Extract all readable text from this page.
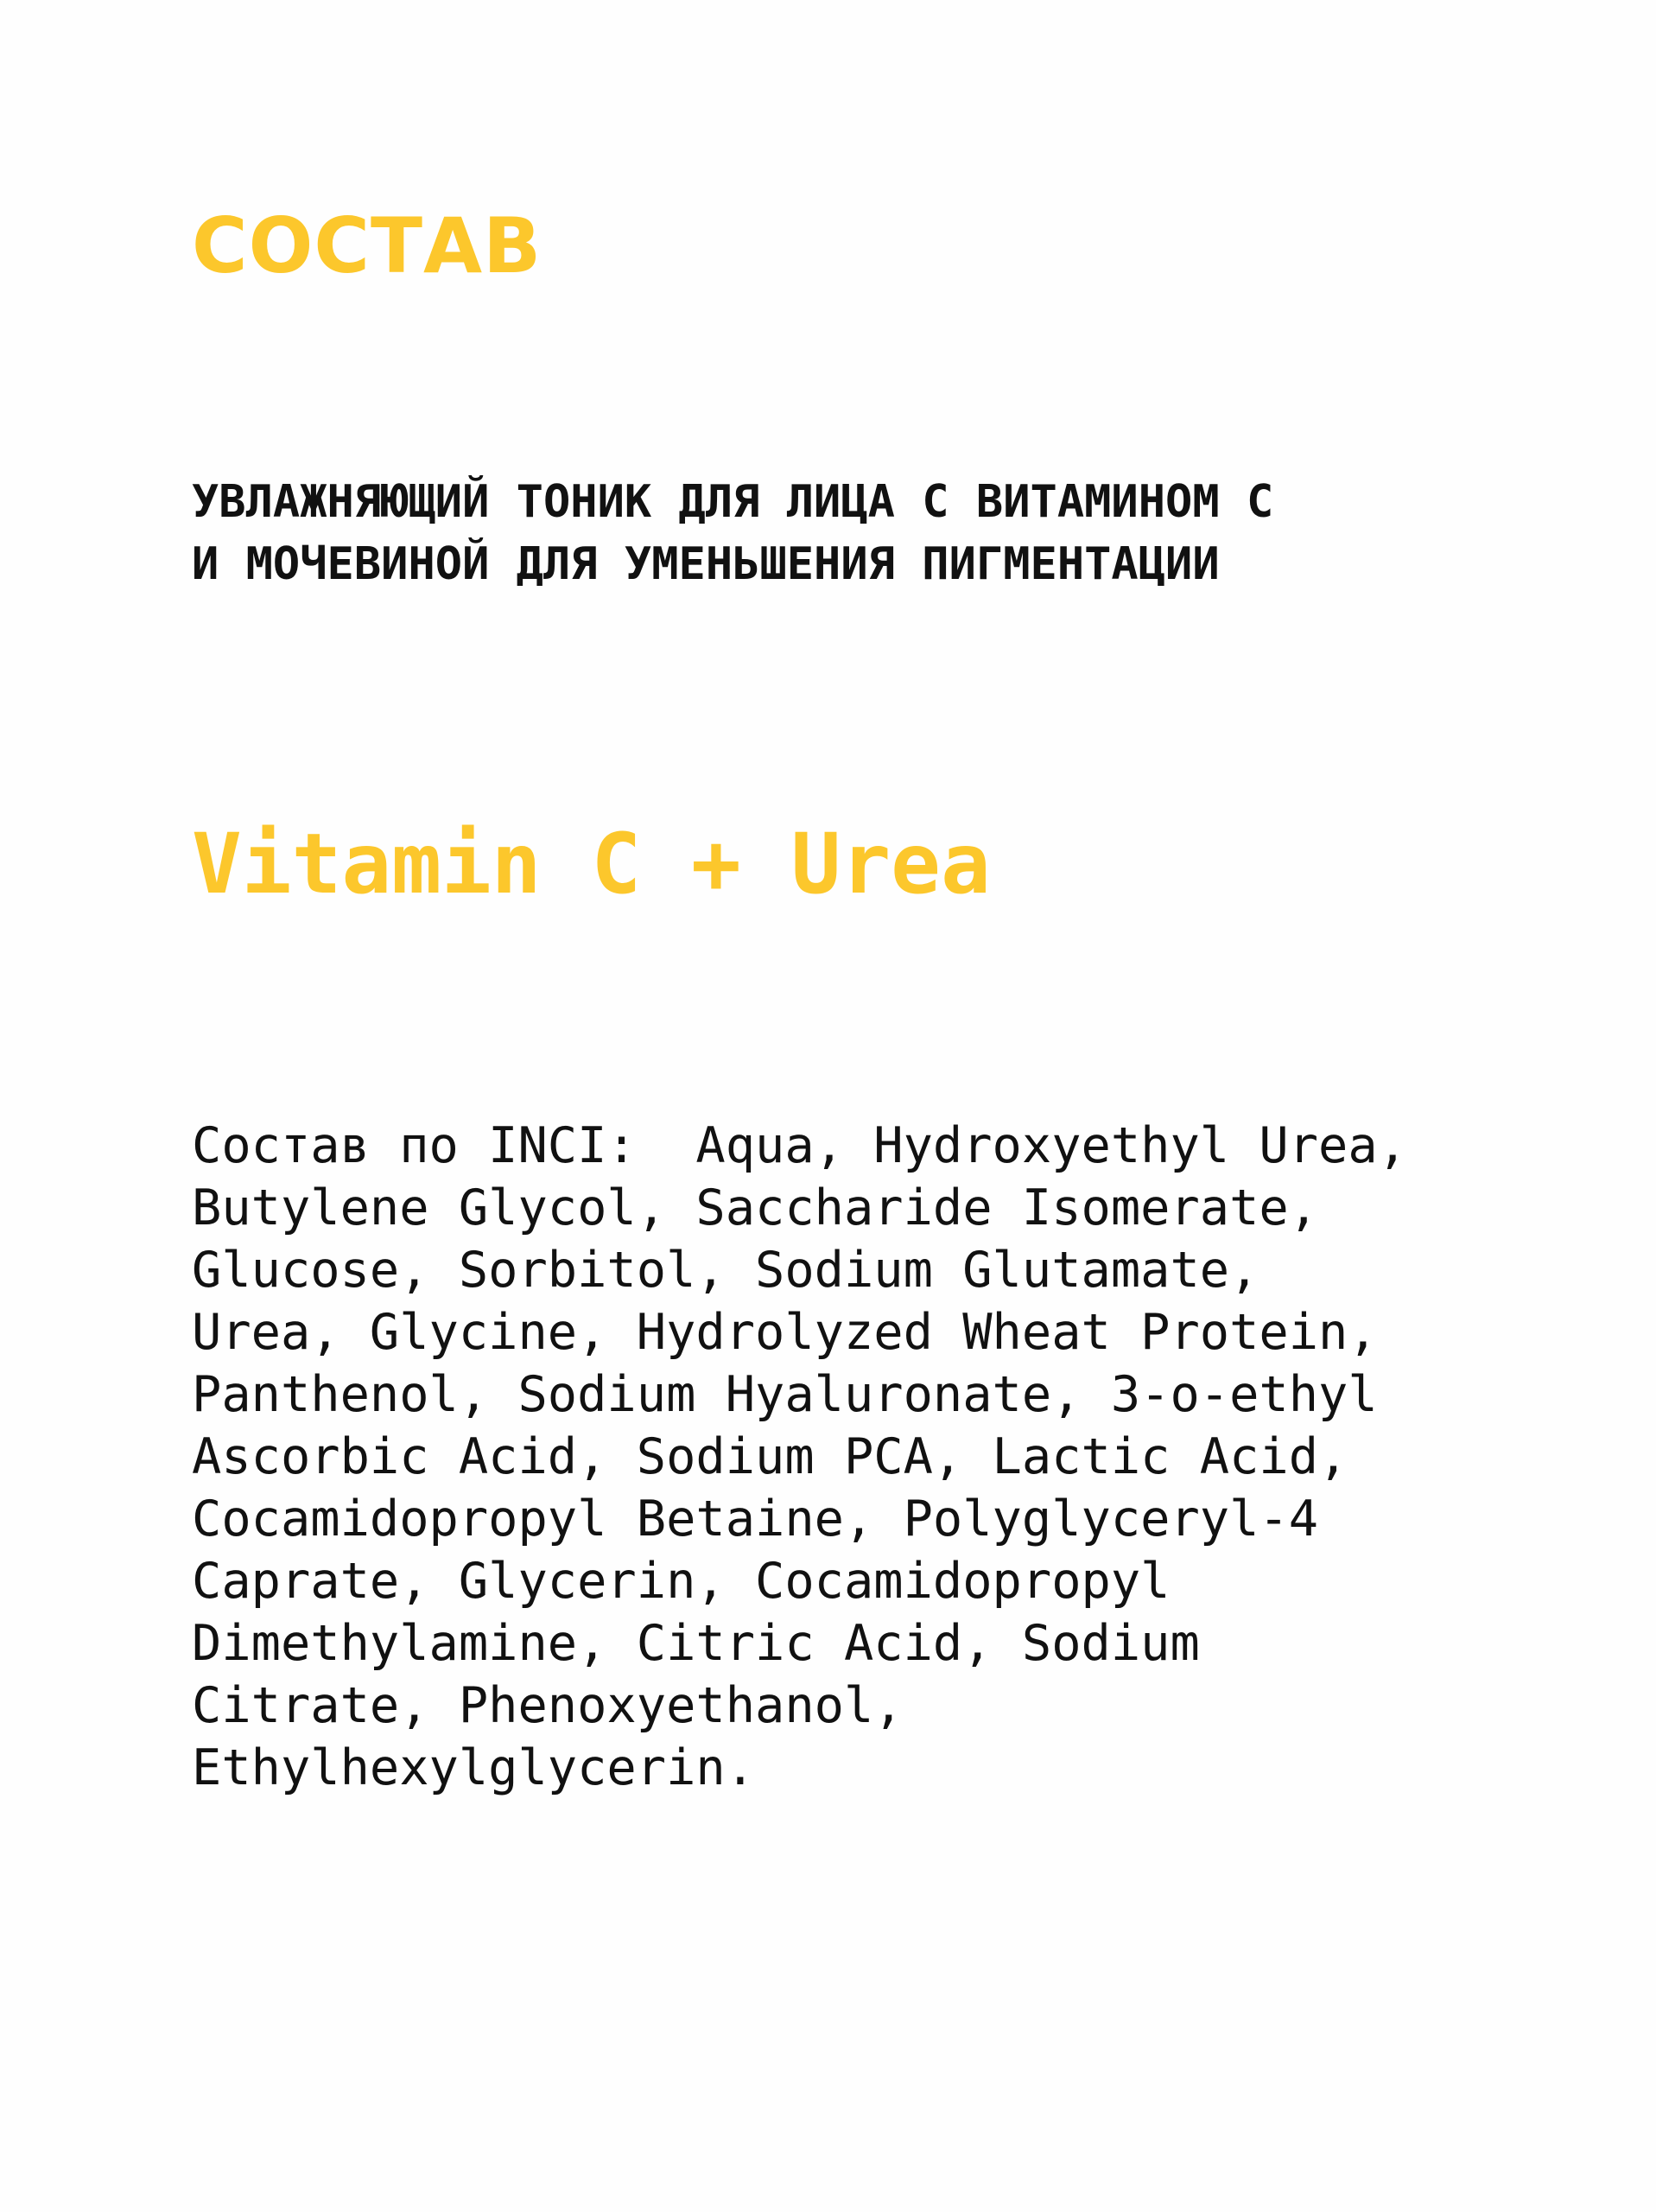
СОСТАВ
УВЛАЖНЯЮЩИЙ ТОНИК ДЛЯ ЛИЦА С ВИТАМИНОМ С
И МОЧЕВИНОЙ ДЛЯ УМЕНЬШЕНИЯ ПИГМЕНТАЦИИ
Vitamin C + Urea
Состав по INCI:  Aqua, Hydroxyethyl Urea,
Butylene Glycol, Saccharide Isomerate,
Glucose, Sorbitol, Sodium Glutamate,
Urea, Glycine, Hydrolyzed Wheat Protein,
Panthenol, Sodium Hyaluronate, 3-o-ethyl
Ascorbic Acid, Sodium PCA, Lactic Acid,
Cocamidopropyl Betaine, Polyglyceryl-4
Caprate, Glycerin, Cocamidopropyl
Dimethylamine, Citric Acid, Sodium
Citrate, Phenoxyethanol,
Ethylhexylglycerin.
